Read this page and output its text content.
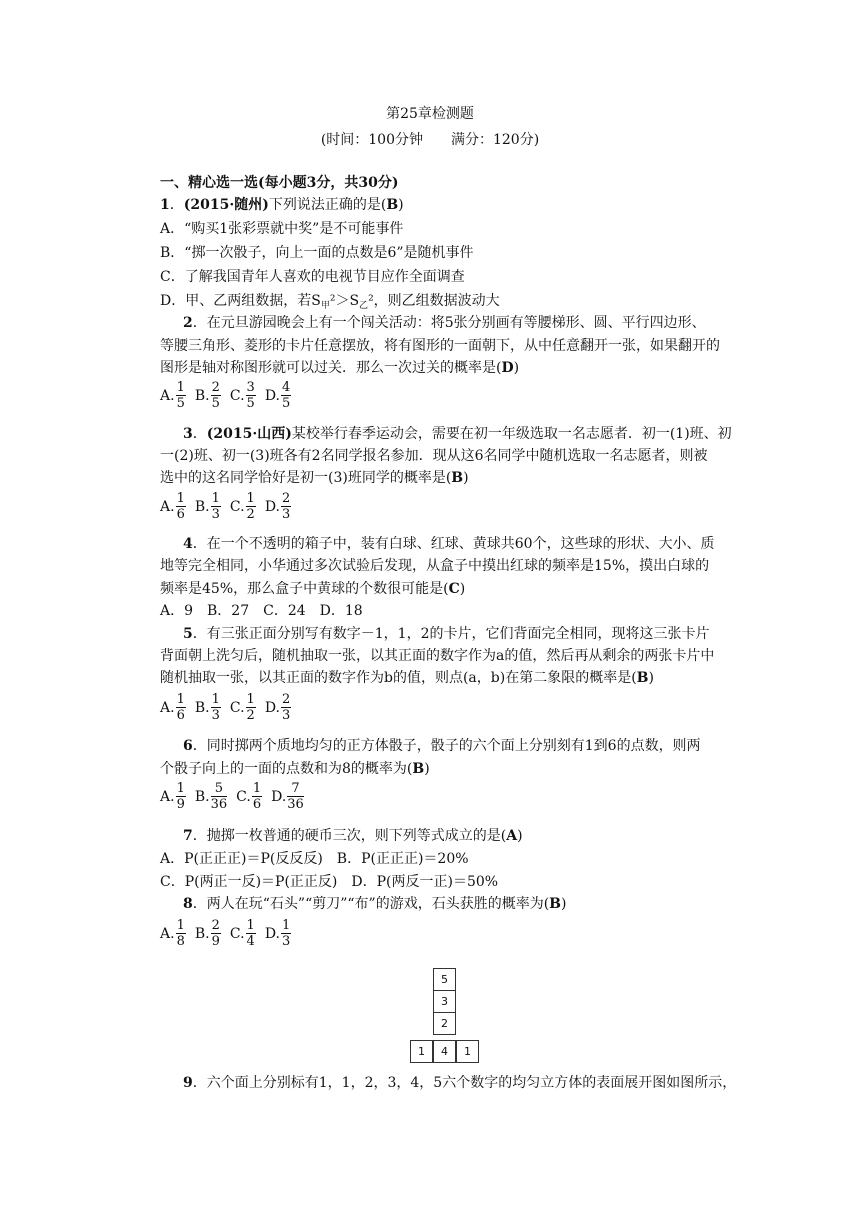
第25章检测题
(时间：100分钟　　满分：120分)
一、精心选一选(每小题3分，共30分)
1．(2015·随州)下列说法正确的是(B)
A．“购买1张彩票就中奖”是不可能事件
B．“掷一次骰子，向上一面的点数是6”是随机事件
C．了解我国青年人喜欢的电视节目应作全面调查
D．甲、乙两组数据，若$S_甲^2>S_乙^2$，则乙组数据波动大
2．在元旦游园晚会上有一个闯关活动：将5张分别画有等腰梯形、圆、平行四边形、
等腰三角形、菱形的卡片任意摆放，将有图形的一面朝下，从中任意翻开一张，如果翻开的
图形是轴对称图形就可以过关．那么一次过关的概率是(D)
A. $\frac{1}{5} B$. $\frac{2}{5} C$. $\frac{3}{5} D$. $\frac{4}{5}$
3．(2015·山西)某校举行春季运动会，需要在初一年级选取一名志愿者．初一(1)班、初
一(2)班、初一(3)班各有2名同学报名参加．现从这6名同学中随机选取一名志愿者，则被
选中的这名同学恰好是初一(3)班同学的概率是(B)
A. $\frac{1}{6} B$. $\frac{1}{3} C$. $\frac{1}{2} D$. $\frac{2}{3}$
4．在一个不透明的箱子中，装有白球、红球、黄球共60个，这些球的形状、大小、质
地等完全相同，小华通过多次试验后发现，从盒子中摸出红球的频率是15%，摸出白球的
频率是45%，那么盒子中黄球的个数很可能是(C)
A．9　B．27　C．24　D．18
5．有三张正面分别写有数字－1，1，2的卡片，它们背面完全相同，现将这三张卡片
背面朝上洗匀后，随机抽取一张，以其正面的数字作为a的值，然后再从剩余的两张卡片中
随机抽取一张，以其正面的数字作为b的值，则点(a，b)在第二象限的概率是(B)
A. $\frac{1}{6} B$. $\frac{1}{3} C$. $\frac{1}{2} D$. $\frac{2}{3}$
6．同时掷两个质地均匀的正方体骰子，骰子的六个面上分别刻有1到6的点数，则两
个骰子向上的一面的点数和为8的概率为(B)
A. $\frac{1}{9} B$. $\frac{5}{36} C$. $\frac{1}{6} D$. $\frac{7}{36}$
7．抛掷一枚普通的硬币三次，则下列等式成立的是(A)
A．P(正正正)＝P(反反反)　B．P(正正正)＝20%
C．P(两正一反)＝P(正正反)　D．P(两反一正)＝50%
8．两人在玩“石头”“剪刀”“布”的游戏，石头获胜的概率为(B)
A. $\frac{1}{8} B$. $\frac{2}{9} C$. $\frac{1}{4} D$. $\frac{1}{3}$
5
3
2
1	4	1
9．六个面上分别标有1，1，2，3，4，5六个数字的均匀立方体的表面展开图如图所示，
